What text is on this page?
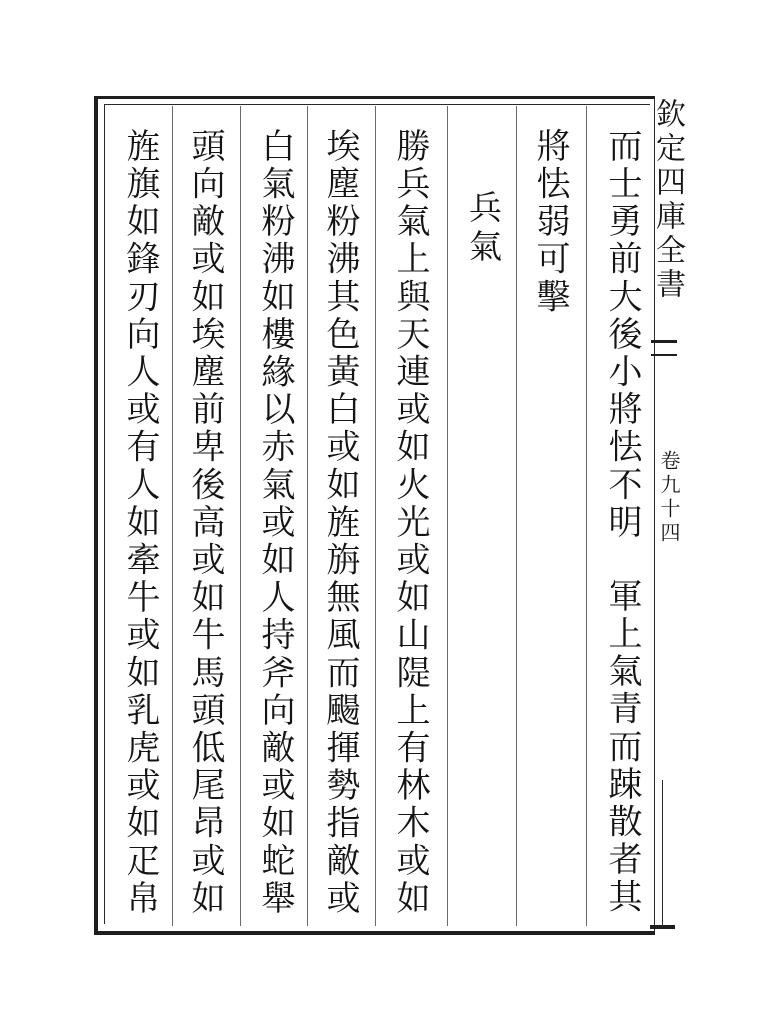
欽定四庫全書
卷九十四
而士勇前大後小將怯不明
軍上氣青而踈散者其
將怯弱可擊
兵氣
勝兵氣上與天連或如火光或如山隄上有林木或如
埃塵粉沸其色黃白或如旌旃無風而颺揮勢指敵或
白氣粉沸如樓緣以赤氣或如人持斧向敵或如蛇舉
頭向敵或如埃塵前卑後高或如牛馬頭低尾昂或如
旌旗如鋒刃向人或有人如牽牛或如乳虎或如疋帛
